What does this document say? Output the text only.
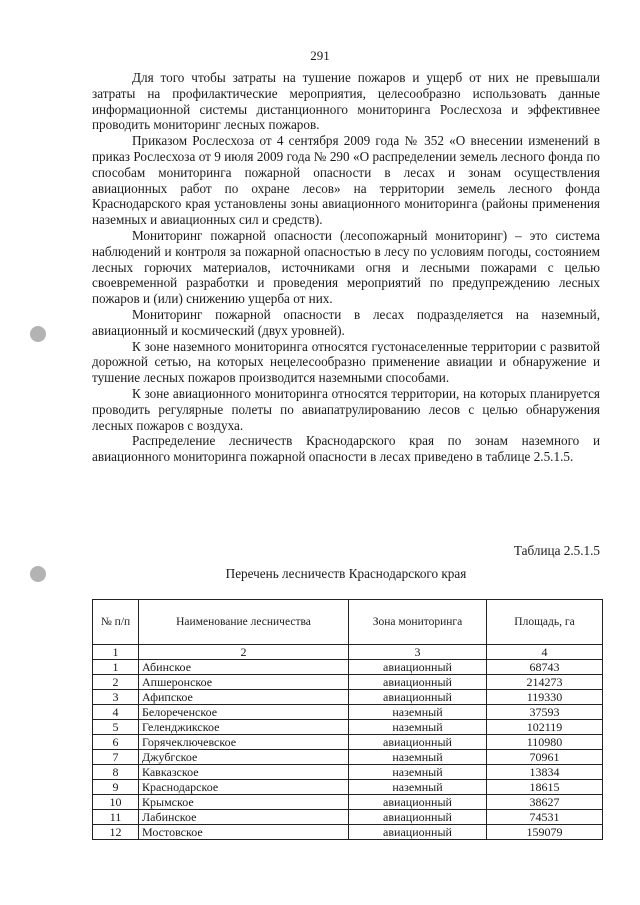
291

Для того чтобы затраты на тушение пожаров и ущерб от них не превышали затраты на профилактические мероприятия, целесообразно использовать данные информационной системы дистанционного мониторинга Рослесхоза и эффективнее проводить мониторинг лесных пожаров.

Приказом Рослесхоза от 4 сентября 2009 года № 352 «О внесении изменений в приказ Рослесхоза от 9 июля 2009 года № 290 «О распределении земель лесного фонда по способам мониторинга пожарной опасности в лесах и зонам осуществления авиационных работ по охране лесов» на территории земель лесного фонда Краснодарского края установлены зоны авиационного мониторинга (районы применения наземных и авиационных сил и средств).

Мониторинг пожарной опасности (лесопожарный мониторинг) – это система наблюдений и контроля за пожарной опасностью в лесу по условиям погоды, состоянием лесных горючих материалов, источниками огня и лесными пожарами с целью своевременной разработки и проведения мероприятий по предупреждению лесных пожаров и (или) снижению ущерба от них.

Мониторинг пожарной опасности в лесах подразделяется на наземный, авиационный и космический (двух уровней).

К зоне наземного мониторинга относятся густонаселенные территории с развитой дорожной сетью, на которых нецелесообразно применение авиации и обнаружение и тушение лесных пожаров производится наземными способами.

К зоне авиационного мониторинга относятся территории, на которых планируется проводить регулярные полеты по авиапатрулированию лесов с целью обнаружения лесных пожаров с воздуха.

Распределение лесничеств Краснодарского края по зонам наземного и авиационного мониторинга пожарной опасности в лесах приведено в таблице 2.5.1.5.

Таблица 2.5.1.5
Перечень лесничеств Краснодарского края
№ п/п	Наименование лесничества	Зона мониторинга	Площадь, га
1	2	3	4
1	Абинское	авиационный	68743
2	Апшеронское	авиационный	214273
3	Афипское	авиационный	119330
4	Белореченское	наземный	37593
5	Геленджикское	наземный	102119
6	Горячеключевское	авиационный	110980
7	Джубгское	наземный	70961
8	Кавказское	наземный	13834
9	Краснодарское	наземный	18615
10	Крымское	авиационный	38627
11	Лабинское	авиационный	74531
12	Мостовское	авиационный	159079
